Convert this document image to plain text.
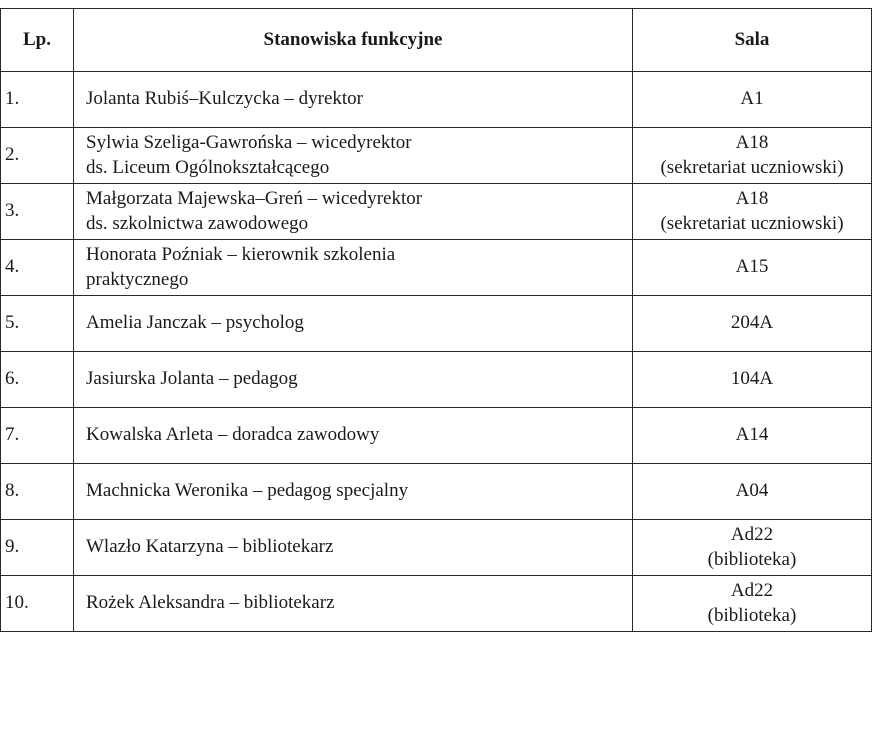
Lp.	Stanowiska funkcyjne	Sala
1.	Jolanta Rubiś–Kulczycka – dyrektor	A1

2.	Sylwia Szeliga-Gawrońska – wicedyrektor
ds. Liceum Ogólnokształcącego	A18
(sekretariat uczniowski)

3.	Małgorzata Majewska–Greń – wicedyrektor
ds. szkolnictwa zawodowego	A18
(sekretariat uczniowski)

4.	Honorata Poźniak – kierownik szkolenia
praktycznego	A15

5.	Amelia Janczak – psycholog	204A

6.	Jasiurska Jolanta – pedagog	104A

7.	Kowalska Arleta – doradca zawodowy	A14

8.	Machnicka Weronika – pedagog specjalny	A04

9.	Wlazło Katarzyna – bibliotekarz	Ad22
(biblioteka)

10.	Rożek Aleksandra – bibliotekarz	Ad22
(biblioteka)
